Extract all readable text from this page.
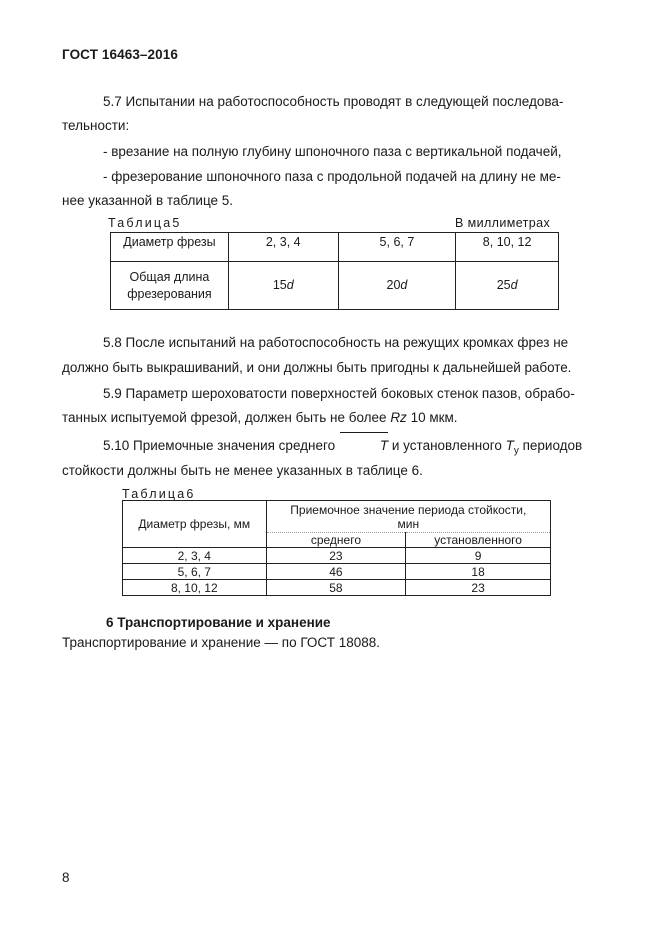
ГОСТ 16463–2016
5.7 Испытании на работоспособность проводят в следующей последова-
тельности:
- врезание на полную глубину шпоночного паза с вертикальной подачей,
- фрезерование шпоночного паза с продольной подачей на длину не ме-
нее указанной в таблице 5.
Таблица5	В миллиметрах
Диаметр фрезы	2, 3, 4	5, 6, 7	8, 10, 12

Общая длина
фрезерования	15d	20d	25d
5.8 После испытаний на работоспособность на режущих кромках фрез не
должно быть выкрашиваний, и они должны быть пригодны к дальнейшей работе.
5.9 Параметр шероховатости поверхностей боковых стенок пазов, обрабо-
танных испытуемой фрезой, должен быть не более Rz 10 мкм.
5.10 Приемочные значения среднего	T и установленного $T_у$ периодов
стойкости должны быть не менее указанных в таблице 6.
Таблица6
Диаметр фрезы, мм	Приемочное значение периода стойкости,
мин	

	среднего	установленного
2, 3, 4	23	9
5, 6, 7	46	18
8, 10, 12	58	23
6 Транспортирование и хранение
Транспортирование и хранение — по ГОСТ 18088.
8
